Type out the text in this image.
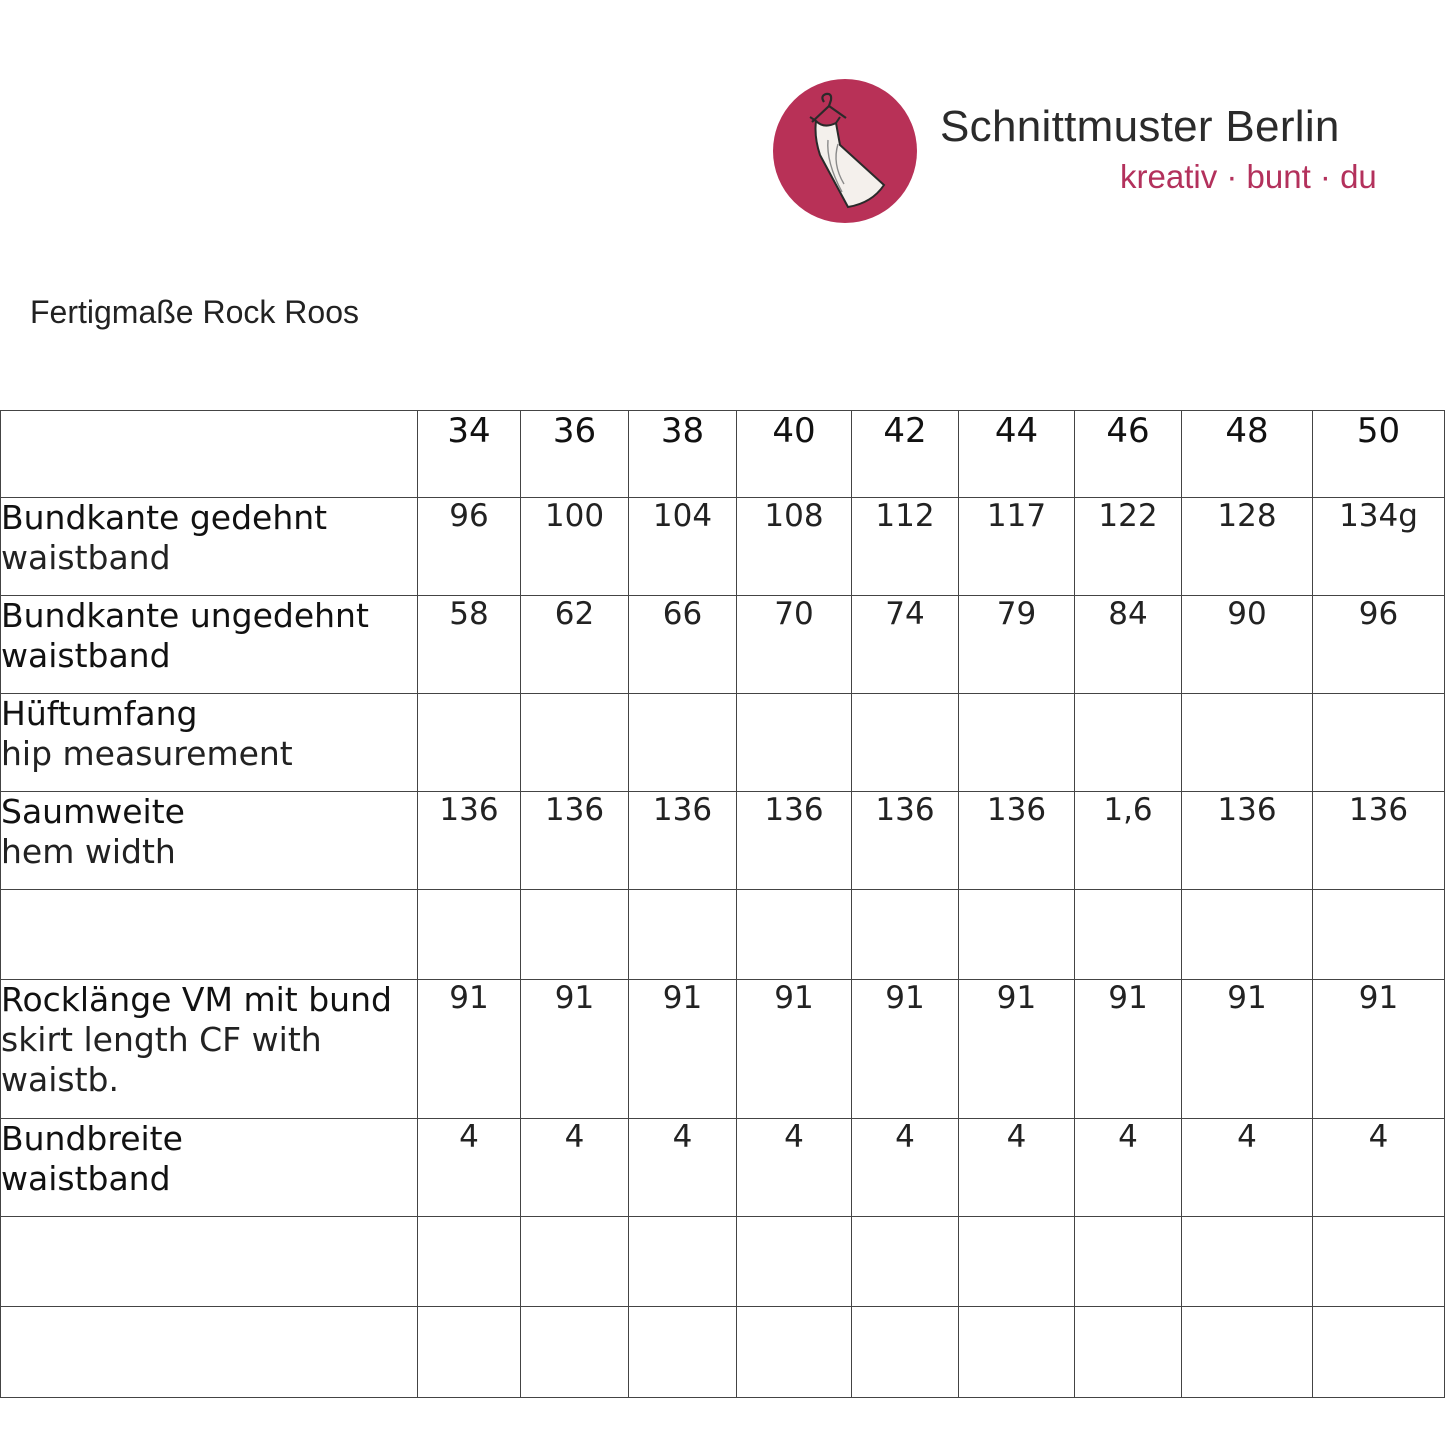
Schnittmuster Berlin
kreativ · bunt · du
Fertigmaße Rock Roos
	34	36	38	40	42	44	46	48	50

Bundkante gedehnt
waistband	96	100	104	108	112	117	122	128	134g

Bundkante ungedehnt
waistband	58	62	66	70	74	79	84	90	96

Hüftumfang
hip measurement									

Saumweite
hem width	136	136	136	136	136	136	1,6	136	136

Rocklänge VM mit bund
skirt length CF with waistb.	91	91	91	91	91	91	91	91	91

Bundbreite
waistband	4	4	4	4	4	4	4	4	4
